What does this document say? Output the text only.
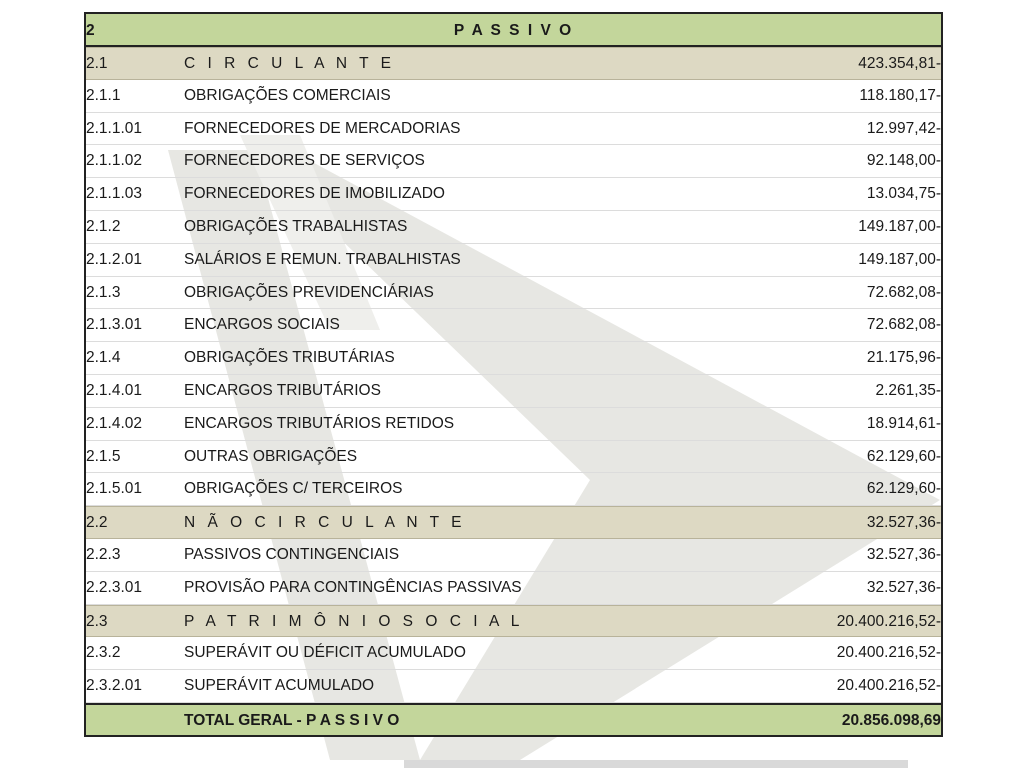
2	P A S S I V O
2.1	C I R C U L A N T E	423.354,81-
2.1.1	OBRIGAÇÕES COMERCIAIS	118.180,17-
2.1.1.01	FORNECEDORES DE MERCADORIAS	12.997,42-
2.1.1.02	FORNECEDORES DE SERVIÇOS	92.148,00-
2.1.1.03	FORNECEDORES DE IMOBILIZADO	13.034,75-
2.1.2	OBRIGAÇÕES TRABALHISTAS	149.187,00-
2.1.2.01	SALÁRIOS E REMUN. TRABALHISTAS	149.187,00-
2.1.3	OBRIGAÇÕES PREVIDENCIÁRIAS	72.682,08-
2.1.3.01	ENCARGOS SOCIAIS	72.682,08-
2.1.4	OBRIGAÇÕES TRIBUTÁRIAS	21.175,96-
2.1.4.01	ENCARGOS TRIBUTÁRIOS	2.261,35-
2.1.4.02	ENCARGOS TRIBUTÁRIOS RETIDOS	18.914,61-
2.1.5	OUTRAS OBRIGAÇÕES	62.129,60-
2.1.5.01	OBRIGAÇÕES C/ TERCEIROS	62.129,60-
2.2	N Ã O C I R C U L A N T E	32.527,36-
2.2.3	PASSIVOS CONTINGENCIAIS	32.527,36-
2.2.3.01	PROVISÃO PARA CONTINGÊNCIAS PASSIVAS	32.527,36-
2.3	P A T R I M Ô N I O S O C I A L	20.400.216,52-
2.3.2	SUPERÁVIT OU DÉFICIT ACUMULADO	20.400.216,52-
2.3.2.01	SUPERÁVIT ACUMULADO	20.400.216,52-
TOTAL GERAL - P A S S I V O	20.856.098,69
